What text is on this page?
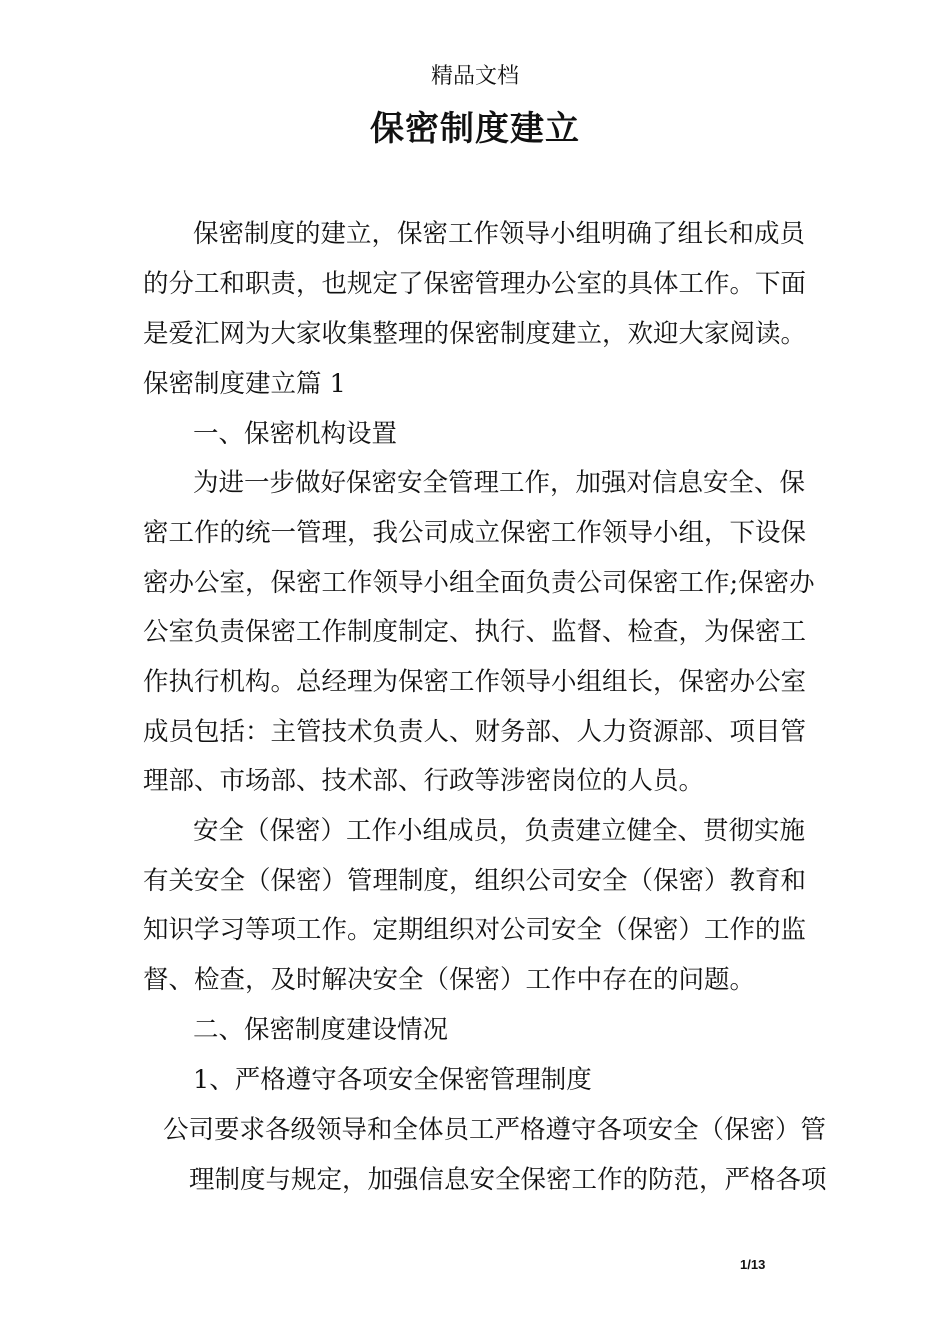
精品文档
保密制度建立
保密制度的建立，保密工作领导小组明确了组长和成员
的分工和职责，也规定了保密管理办公室的具体工作。下面
是爱汇网为大家收集整理的保密制度建立，欢迎大家阅读。
保密制度建立篇 1
一、保密机构设置
为进一步做好保密安全管理工作，加强对信息安全、保
密工作的统一管理，我公司成立保密工作领导小组，下设保
密办公室，保密工作领导小组全面负责公司保密工作;保密办
公室负责保密工作制度制定、执行、监督、检查，为保密工
作执行机构。总经理为保密工作领导小组组长，保密办公室
成员包括：主管技术负责人、财务部、人力资源部、项目管
理部、市场部、技术部、行政等涉密岗位的人员。
安全（保密）工作小组成员，负责建立健全、贯彻实施
有关安全（保密）管理制度，组织公司安全（保密）教育和
知识学习等项工作。定期组织对公司安全（保密）工作的监
督、检查，及时解决安全（保密）工作中存在的问题。
二、保密制度建设情况
1、严格遵守各项安全保密管理制度
公司要求各级领导和全体员工严格遵守各项安全（保密）管
理制度与规定，加强信息安全保密工作的防范，严格各项
1/13
